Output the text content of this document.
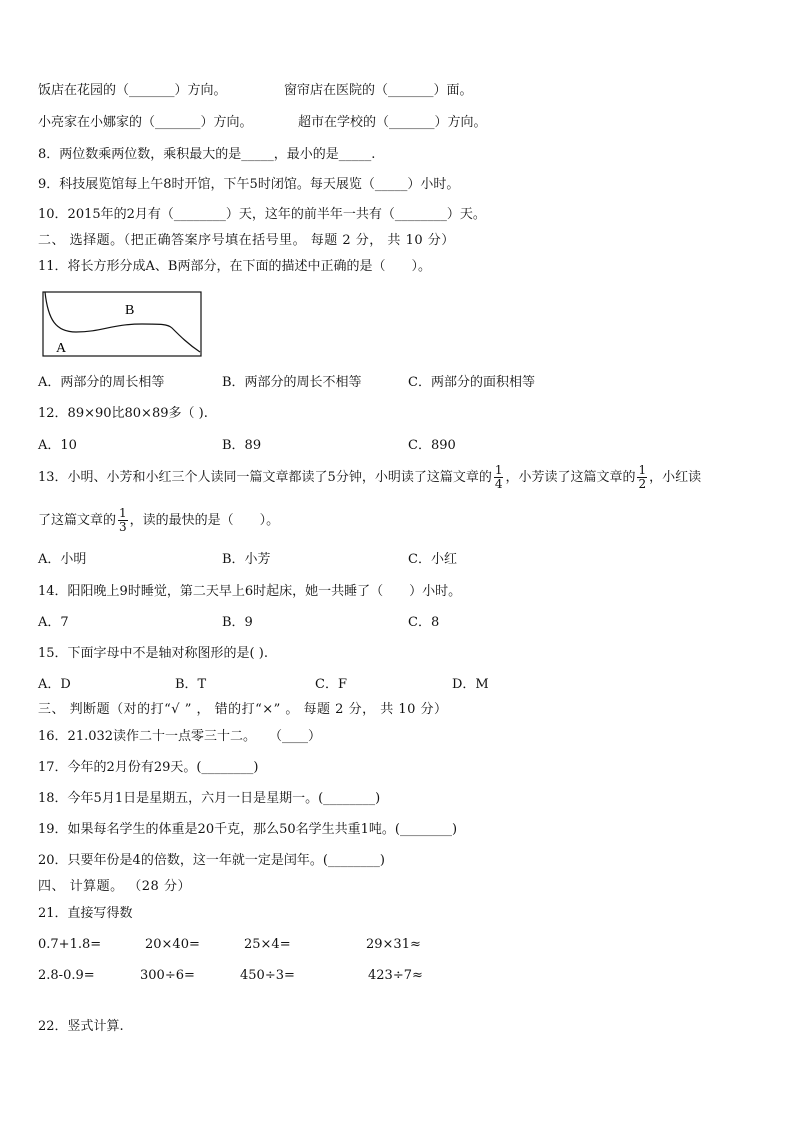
饭店在花园的（_______）方向。	窗帘店在医院的（_______）面。
小亮家在小娜家的（_______）方向。	超市在学校的（_______）方向。
8．两位数乘两位数，乘积最大的是_____，最小的是_____.
9．科技展览馆每上午8时开馆，下午5时闭馆。每天展览（_____）小时。
10．2015年的2月有（________）天，这年的前半年一共有（________）天。
二、 选择题。（把正确答案序号填在括号里。 每题 2 分， 共 10 分）
11．将长方形分成A、B两部分，在下面的描述中正确的是（　　）。
B
A
A．两部分的周长相等	B．两部分的周长不相等	C．两部分的面积相等
12．89×90比80×89多（ ).
A．10	B．89	C．890
13．小明、小芳和小红三个人读同一篇文章都读了5分钟，小明读了这篇文章的 $\frac{1}{4}$ ，小芳读了这篇文章的 $\frac{1}{2}$ ，小红读
了这篇文章的 $\frac{1}{3}$ ，读的最快的是（　　）。
A．小明	B．小芳	C．小红
14．阳阳晚上9时睡觉，第二天早上6时起床，她一共睡了（　　）小时。
A．7	B．9	C．8
15．下面字母中不是轴对称图形的是( ).
A．D	B．T	C．F	D．M
三、 判断题（对的打“√ ” ， 错的打“×” 。 每题 2 分， 共 10 分）
16．21.032读作二十一点零三十二。　　（____）
17．今年的2月份有29天。(________)
18．今年5月1日是星期五，六月一日是星期一。(________)
19．如果每名学生的体重是20千克，那么50名学生共重1吨。(________)
20．只要年份是4的倍数，这一年就一定是闰年。(________)
四、 计算题。 （28 分）
21．直接写得数
0.7+1.8=	20×40=	25×4=	29×31≈
2.8-0.9=	300÷6=	450÷3=	423÷7≈
22．竖式计算.
